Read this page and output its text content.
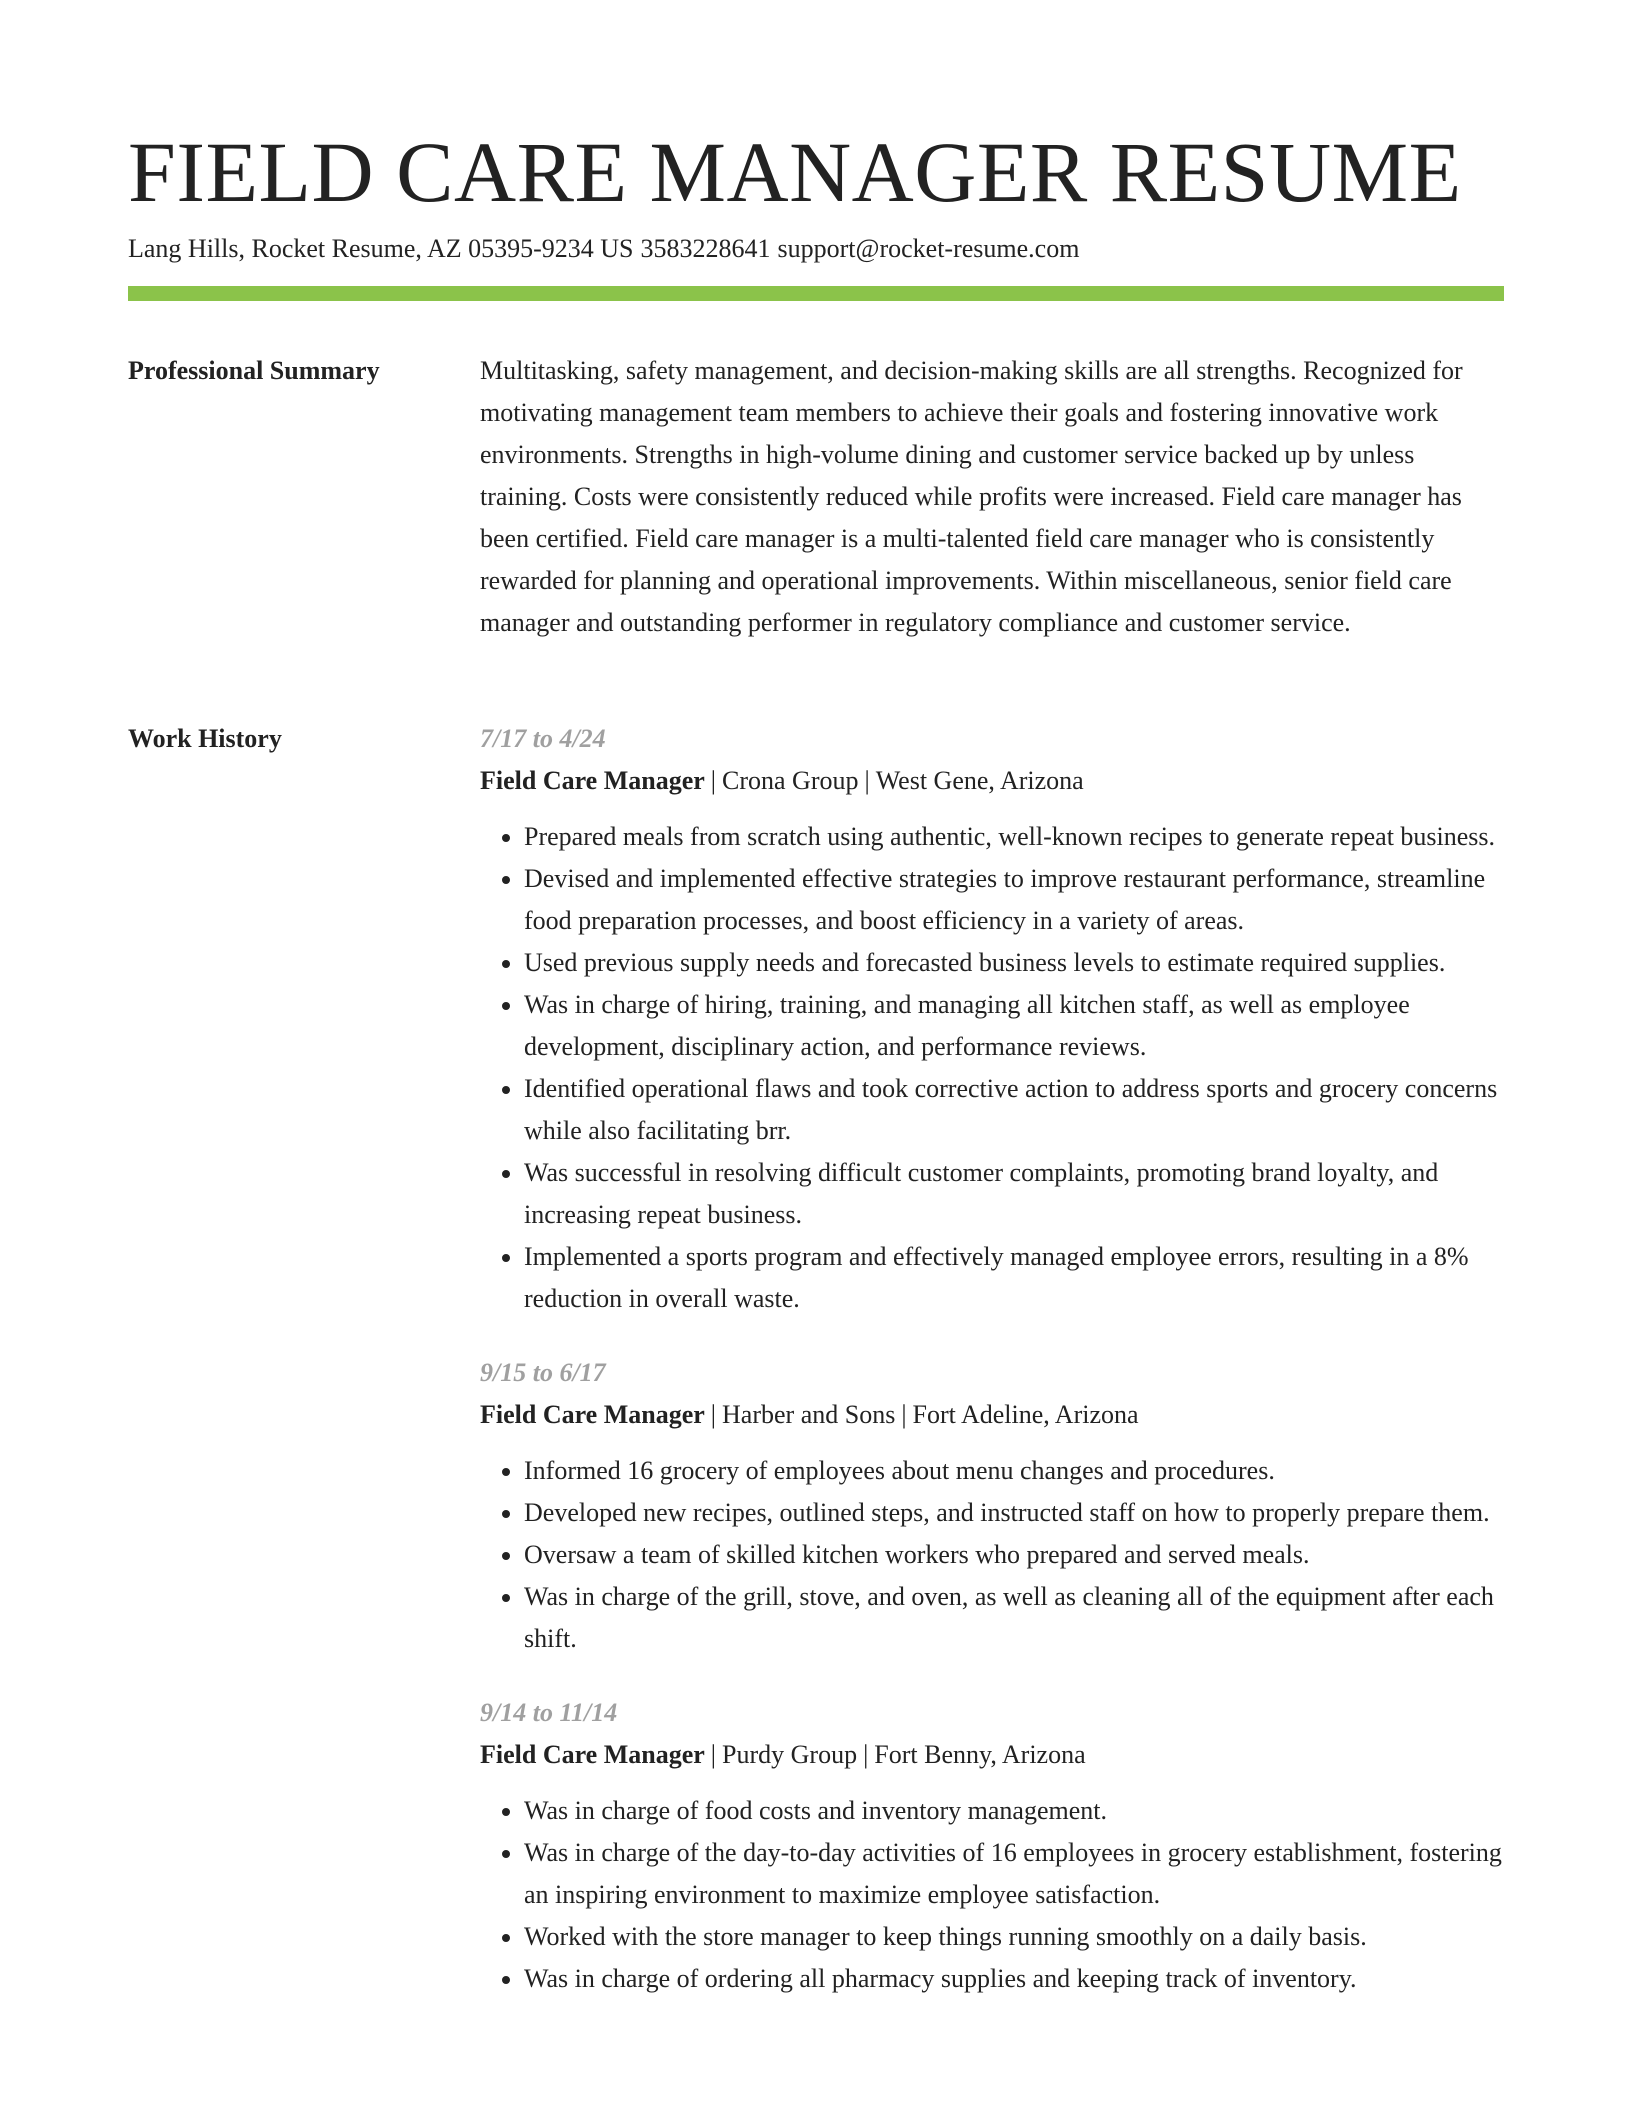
FIELD CARE MANAGER RESUME
Lang Hills, Rocket Resume, AZ 05395-9234 US 3583228641 support@rocket-resume.com
Professional Summary	Multitasking, safety management, and decision-making skills are all strengths. Recognized for motivating management team members to achieve their goals and fostering innovative work environments. Strengths in high-volume dining and customer service backed up by unless training. Costs were consistently reduced while profits were increased. Field care manager has been certified. Field care manager is a multi-talented field care manager who is consistently rewarded for planning and operational improvements. Within miscellaneous, senior field care manager and outstanding performer in regulatory compliance and customer service.

Work History	7/17 to 4/24
Field Care Manager | Crona Group | West Gene, Arizona
• Prepared meals from scratch using authentic, well-known recipes to generate repeat business.
• Devised and implemented effective strategies to improve restaurant performance, streamline food preparation processes, and boost efficiency in a variety of areas.
• Used previous supply needs and forecasted business levels to estimate required supplies.
• Was in charge of hiring, training, and managing all kitchen staff, as well as employee development, disciplinary action, and performance reviews.
• Identified operational flaws and took corrective action to address sports and grocery concerns while also facilitating brr.
• Was successful in resolving difficult customer complaints, promoting brand loyalty, and increasing repeat business.
• Implemented a sports program and effectively managed employee errors, resulting in a 8% reduction in overall waste.
9/15 to 6/17
Field Care Manager | Harber and Sons | Fort Adeline, Arizona
• Informed 16 grocery of employees about menu changes and procedures.
• Developed new recipes, outlined steps, and instructed staff on how to properly prepare them.
• Oversaw a team of skilled kitchen workers who prepared and served meals.
• Was in charge of the grill, stove, and oven, as well as cleaning all of the equipment after each shift.
9/14 to 11/14
Field Care Manager | Purdy Group | Fort Benny, Arizona
• Was in charge of food costs and inventory management.
• Was in charge of the day-to-day activities of 16 employees in grocery establishment, fostering an inspiring environment to maximize employee satisfaction.
• Worked with the store manager to keep things running smoothly on a daily basis.
• Was in charge of ordering all pharmacy supplies and keeping track of inventory.
